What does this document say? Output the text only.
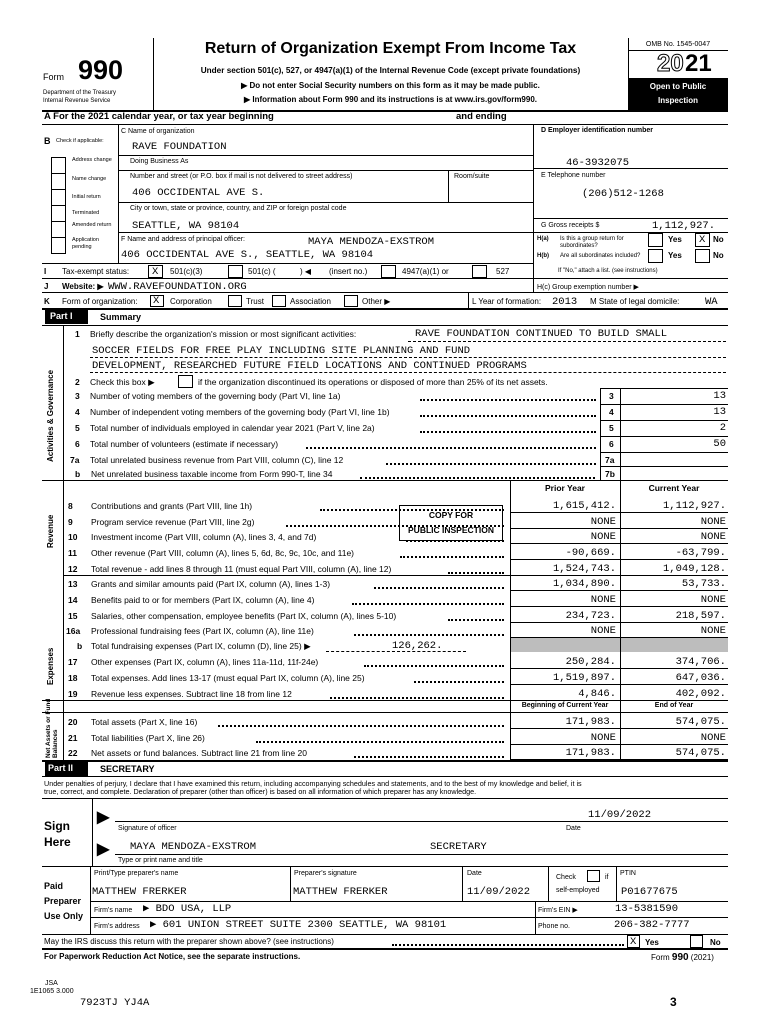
Form 990
Department of the Treasury
Internal Revenue Service
Return of Organization Exempt From Income Tax
Under section 501(c), 527, or 4947(a)(1) of the Internal Revenue Code (except private foundations)
▶ Do not enter Social Security numbers on this form as it may be made public.
▶ Information about Form 990 and its instructions is at www.irs.gov/form990.
OMB No. 1545-0047
20 21
Open to Public
Inspection
A For the 2021 calendar year, or tax year beginning	and ending
B Check if applicable:
Address change
Name change
Initial return
Terminated
Amended return
Application pending
C Name of organization
RAVE FOUNDATION
Doing Business As
Number and street (or P.O. box if mail is not delivered to street address)	Room/suite
406 OCCIDENTAL AVE S.
City or town, state or province, country, and ZIP or foreign postal code
SEATTLE, WA 98104
D Employer identification number
46-3932075
E Telephone number
(206)512-1268
G Gross receipts $	1,112,927.
F Name and address of principal officer:	MAYA MENDOZA-EXSTROM
406 OCCIDENTAL AVE S., SEATTLE, WA 98104
H(a) Is this a group return for
subordinates?
Yes X No
H(b) Are all subordinates included?	Yes	No
If "No," attach a list. (see instructions)
I Tax-exempt status: X 501(c)(3)	501(c) (	) ◀ (insert no.)	4947(a)(1) or	527
J Website: ▶ WWW.RAVEFOUNDATION.ORG	H(c) Group exemption number ▶
K Form of organization: X Corporation	Trust	Association	Other ▶	L Year of formation: 2013 M State of legal domicile: WA
Part I	Summary
Activities & Governance
Revenue
Expenses
Net Assets or Fund Balances
1 Briefly describe the organization's mission or most significant activities:	RAVE FOUNDATION CONTINUED TO BUILD SMALL
SOCCER FIELDS FOR FREE PLAY INCLUDING SITE PLANNING AND FUND
DEVELOPMENT, RESEARCHED FUTURE FIELD LOCATIONS AND CONTINUED PROGRAMS
2 Check this box ▶	if the organization discontinued its operations or disposed of more than 25% of its net assets.
Prior Year	Current Year
COPY FOR
PUBLIC INSPECTION
b Total fundraising expenses (Part IX, column (D), line 25) ▶	126,262.
Beginning of Current Year	End of Year
Part II	SECRETARY
Under penalties of perjury, I declare that I have examined this return, including accompanying schedules and statements, and to the best of my knowledge and belief, it is
true, correct, and complete. Declaration of preparer (other than officer) is based on all information of which preparer has any knowledge.
Sign
Here
▶
▶
11/09/2022
Signature of officer	Date
MAYA MENDOZA-EXSTROM	SECRETARY
Type or print name and title
Paid
Preparer
Use Only
Print/Type preparer's name	Preparer's signature	Date
Check	if
self-employed
PTIN
MATTHEW FRERKER	MATTHEW FRERKER	11/09/2022	P01677675
Firm's name ▶ BDO USA, LLP	Firm's EIN ▶	13-5381590
Firm's address ▶ 601 UNION STREET SUITE 2300 SEATTLE, WA 98101	Phone no.	206-382-7777
May the IRS discuss this return with the preparer shown above? (see instructions)	X Yes	No
For Paperwork Reduction Act Notice, see the separate instructions.	Form 990 (2021)
JSA
1E1065 3.000
7923TJ YJ4A	3
3 Number of voting members of the governing body (Part VI, line 1a)	3	13
4 Number of independent voting members of the governing body (Part VI, line 1b)	4	13
5 Total number of individuals employed in calendar year 2021 (Part V, line 2a)	5	2
6 Total number of volunteers (estimate if necessary)	6	50
7a Total unrelated business revenue from Part VIII, column (C), line 12	7a
b Net unrelated business taxable income from Form 990-T, line 34	7b
8 Contributions and grants (Part VIII, line 1h)	1,615,412.	1,112,927.
9 Program service revenue (Part VIII, line 2g)	NONE	NONE
10 Investment income (Part VIII, column (A), lines 3, 4, and 7d)	NONE	NONE
11 Other revenue (Part VIII, column (A), lines 5, 6d, 8c, 9c, 10c, and 11e)	-90,669.	-63,799.
12 Total revenue - add lines 8 through 11 (must equal Part VIII, column (A), line 12)	1,524,743.	1,049,128.
13 Grants and similar amounts paid (Part IX, column (A), lines 1-3)	1,034,890.	53,733.
14 Benefits paid to or for members (Part IX, column (A), line 4)	NONE	NONE
15 Salaries, other compensation, employee benefits (Part IX, column (A), lines 5-10)	234,723.	218,597.
16a Professional fundraising fees (Part IX, column (A), line 11e)	NONE	NONE
17 Other expenses (Part IX, column (A), lines 11a-11d, 11f-24e)	250,284.	374,706.
18 Total expenses. Add lines 13-17 (must equal Part IX, column (A), line 25)	1,519,897.	647,036.
19 Revenue less expenses. Subtract line 18 from line 12	4,846.	402,092.
20 Total assets (Part X, line 16)	171,983.	574,075.
21 Total liabilities (Part X, line 26)	NONE	NONE
22 Net assets or fund balances. Subtract line 21 from line 20	171,983.	574,075.
